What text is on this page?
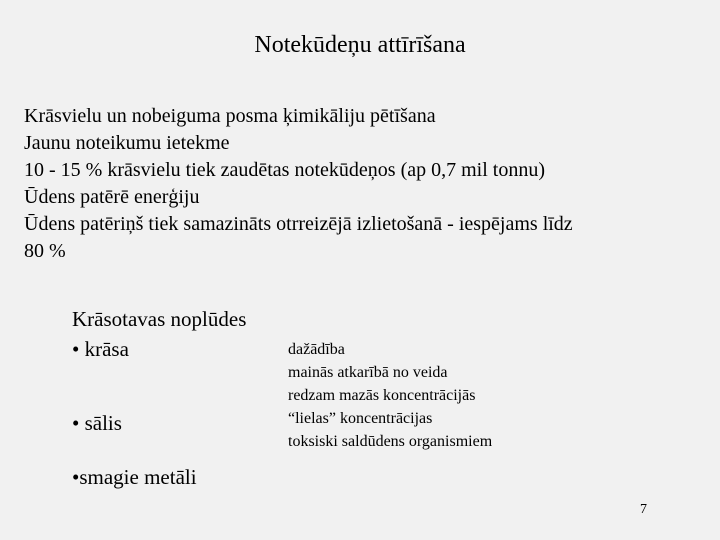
Notekūdeņu attīrīšana
Krāsvielu un nobeiguma posma ķimikāliju pētīšana
Jaunu noteikumu ietekme
10 - 15 % krāsvielu tiek zaudētas notekūdeņos (ap 0,7 mil tonnu)
Ūdens patērē enerģiju
Ūdens patēriņš tiek samazināts otrreizējā izlietošanā - iespējams līdz
80 %
Krāsotavas noplūdes
• krāsa
• sālis
•smagie metāli
dažādība
mainās atkarībā no veida
redzam mazās koncentrācijās
“lielas” koncentrācijas
toksiski saldūdens organismiem
7
